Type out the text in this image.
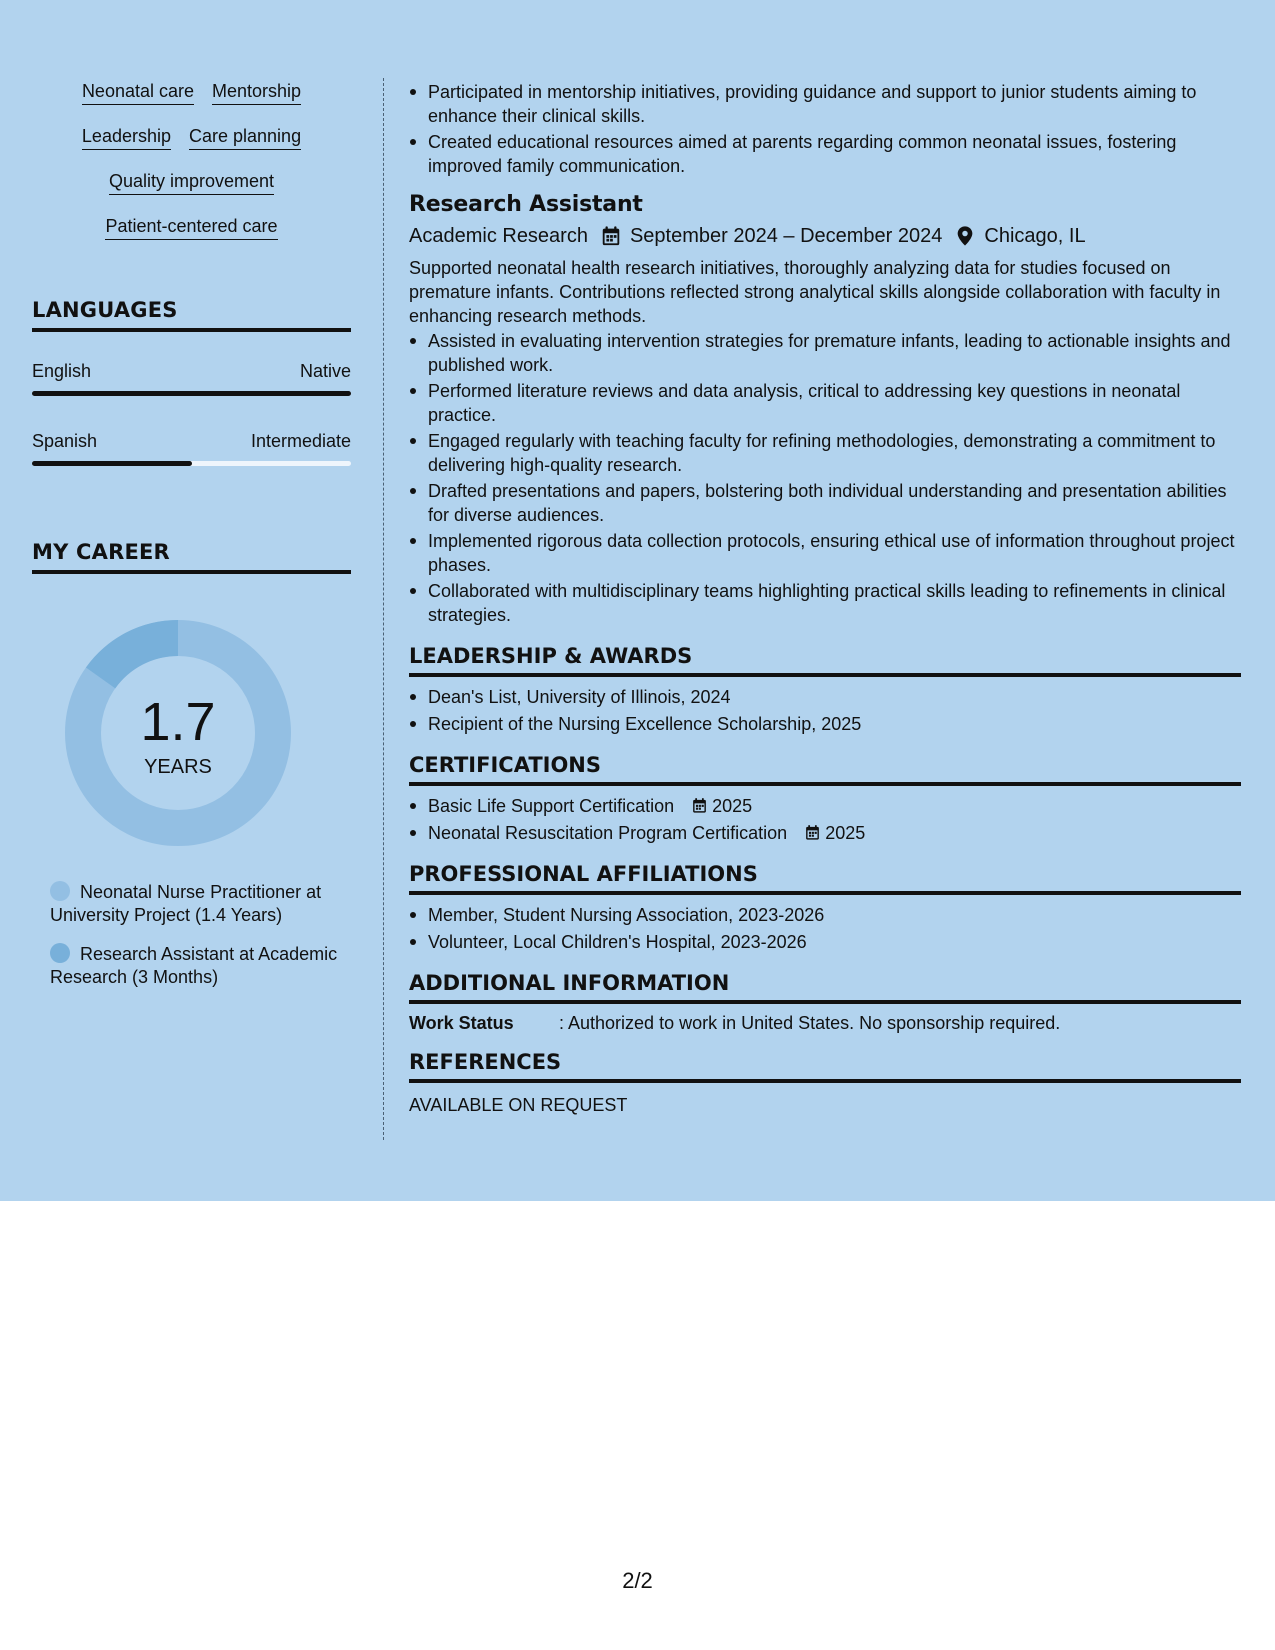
Neonatal care Mentorship
Leadership Care planning
Quality improvement
Patient-centered care
LANGUAGES
English	Native
Spanish	Intermediate
MY CAREER
1.7
YEARS
Neonatal Nurse Practitioner at University Project (1.4 Years)
Research Assistant at Academic Research (3 Months)
Participated in mentorship initiatives, providing guidance and support to junior students aiming to enhance their clinical skills.
Created educational resources aimed at parents regarding common neonatal issues, fostering improved family communication.
Research Assistant
Academic Research September 2024 – December 2024 Chicago, IL
Supported neonatal health research initiatives, thoroughly analyzing data for studies focused on premature infants. Contributions reflected strong analytical skills alongside collaboration with faculty in enhancing research methods.
Assisted in evaluating intervention strategies for premature infants, leading to actionable insights and published work.
Performed literature reviews and data analysis, critical to addressing key questions in neonatal practice.
Engaged regularly with teaching faculty for refining methodologies, demonstrating a commitment to delivering high-quality research.
Drafted presentations and papers, bolstering both individual understanding and presentation abilities for diverse audiences.
Implemented rigorous data collection protocols, ensuring ethical use of information throughout project phases.
Collaborated with multidisciplinary teams highlighting practical skills leading to refinements in clinical strategies.
LEADERSHIP & AWARDS
Dean's List, University of Illinois, 2024
Recipient of the Nursing Excellence Scholarship, 2025
CERTIFICATIONS
Basic Life Support Certification 2025
Neonatal Resuscitation Program Certification 2025
PROFESSIONAL AFFILIATIONS
Member, Student Nursing Association, 2023-2026
Volunteer, Local Children's Hospital, 2023-2026
ADDITIONAL INFORMATION
Work Status	: Authorized to work in United States. No sponsorship required.
REFERENCES
AVAILABLE ON REQUEST
2/2
